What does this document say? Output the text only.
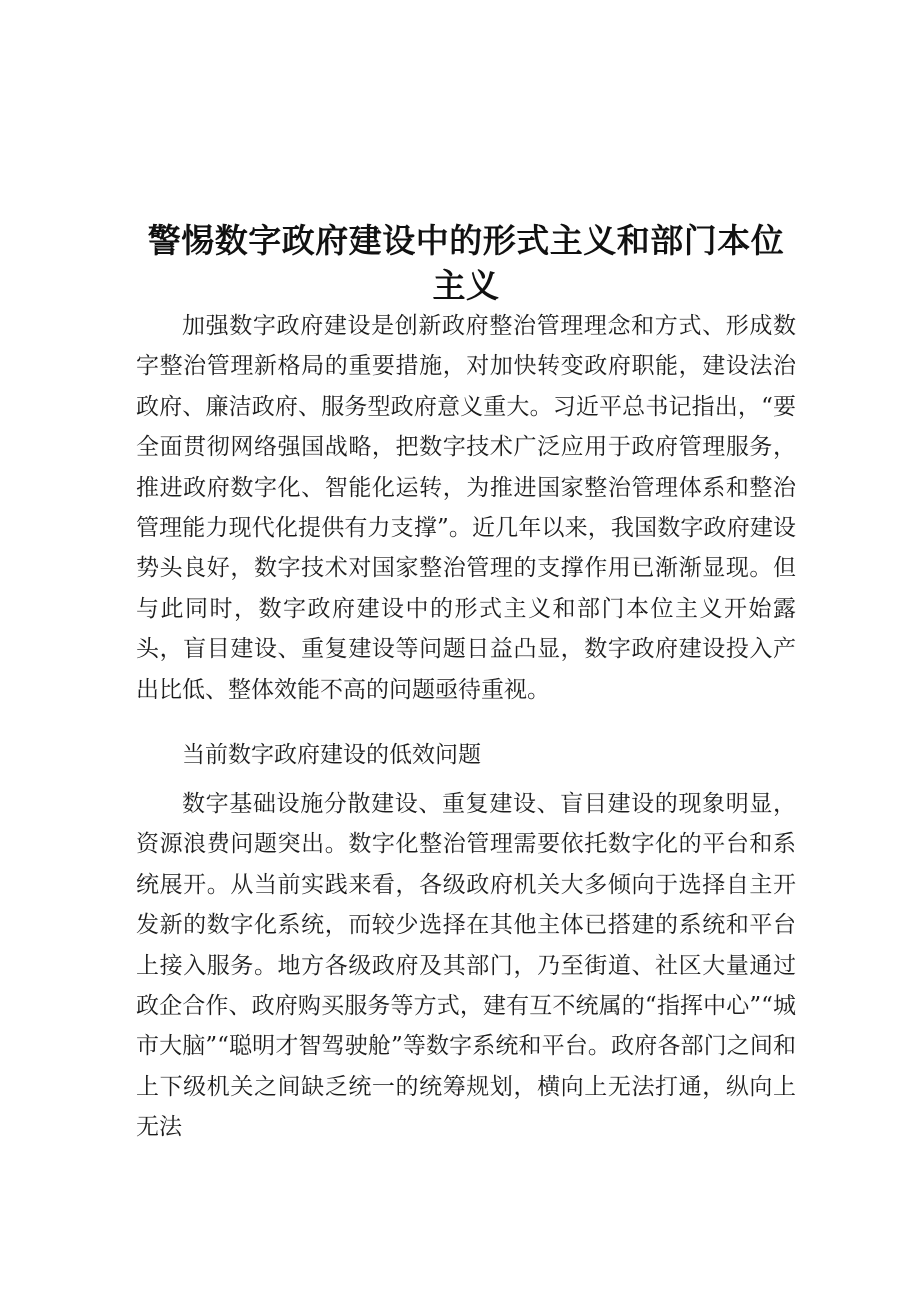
警惕数字政府建设中的形式主义和部门本位主义

加强数字政府建设是创新政府整治管理理念和方式、形成数字整治管理新格局的重要措施，对加快转变政府职能，建设法治政府、廉洁政府、服务型政府意义重大。习近平总书记指出，“要全面贯彻网络强国战略，把数字技术广泛应用于政府管理服务，推进政府数字化、智能化运转，为推进国家整治管理体系和整治管理能力现代化提供有力支撑”。近几年以来，我国数字政府建设势头良好，数字技术对国家整治管理的支撑作用已渐渐显现。但与此同时，数字政府建设中的形式主义和部门本位主义开始露头，盲目建设、重复建设等问题日益凸显，数字政府建设投入产出比低、整体效能不高的问题亟待重视。

当前数字政府建设的低效问题

数字基础设施分散建设、重复建设、盲目建设的现象明显，资源浪费问题突出。数字化整治管理需要依托数字化的平台和系统展开。从当前实践来看，各级政府机关大多倾向于选择自主开发新的数字化系统，而较少选择在其他主体已搭建的系统和平台上接入服务。地方各级政府及其部门，乃至街道、社区大量通过政企合作、政府购买服务等方式，建有互不统属的“指挥中心”“城市大脑”“聪明才智驾驶舱”等数字系统和平台。政府各部门之间和上下级机关之间缺乏统一的统筹规划，横向上无法打通，纵向上无法
